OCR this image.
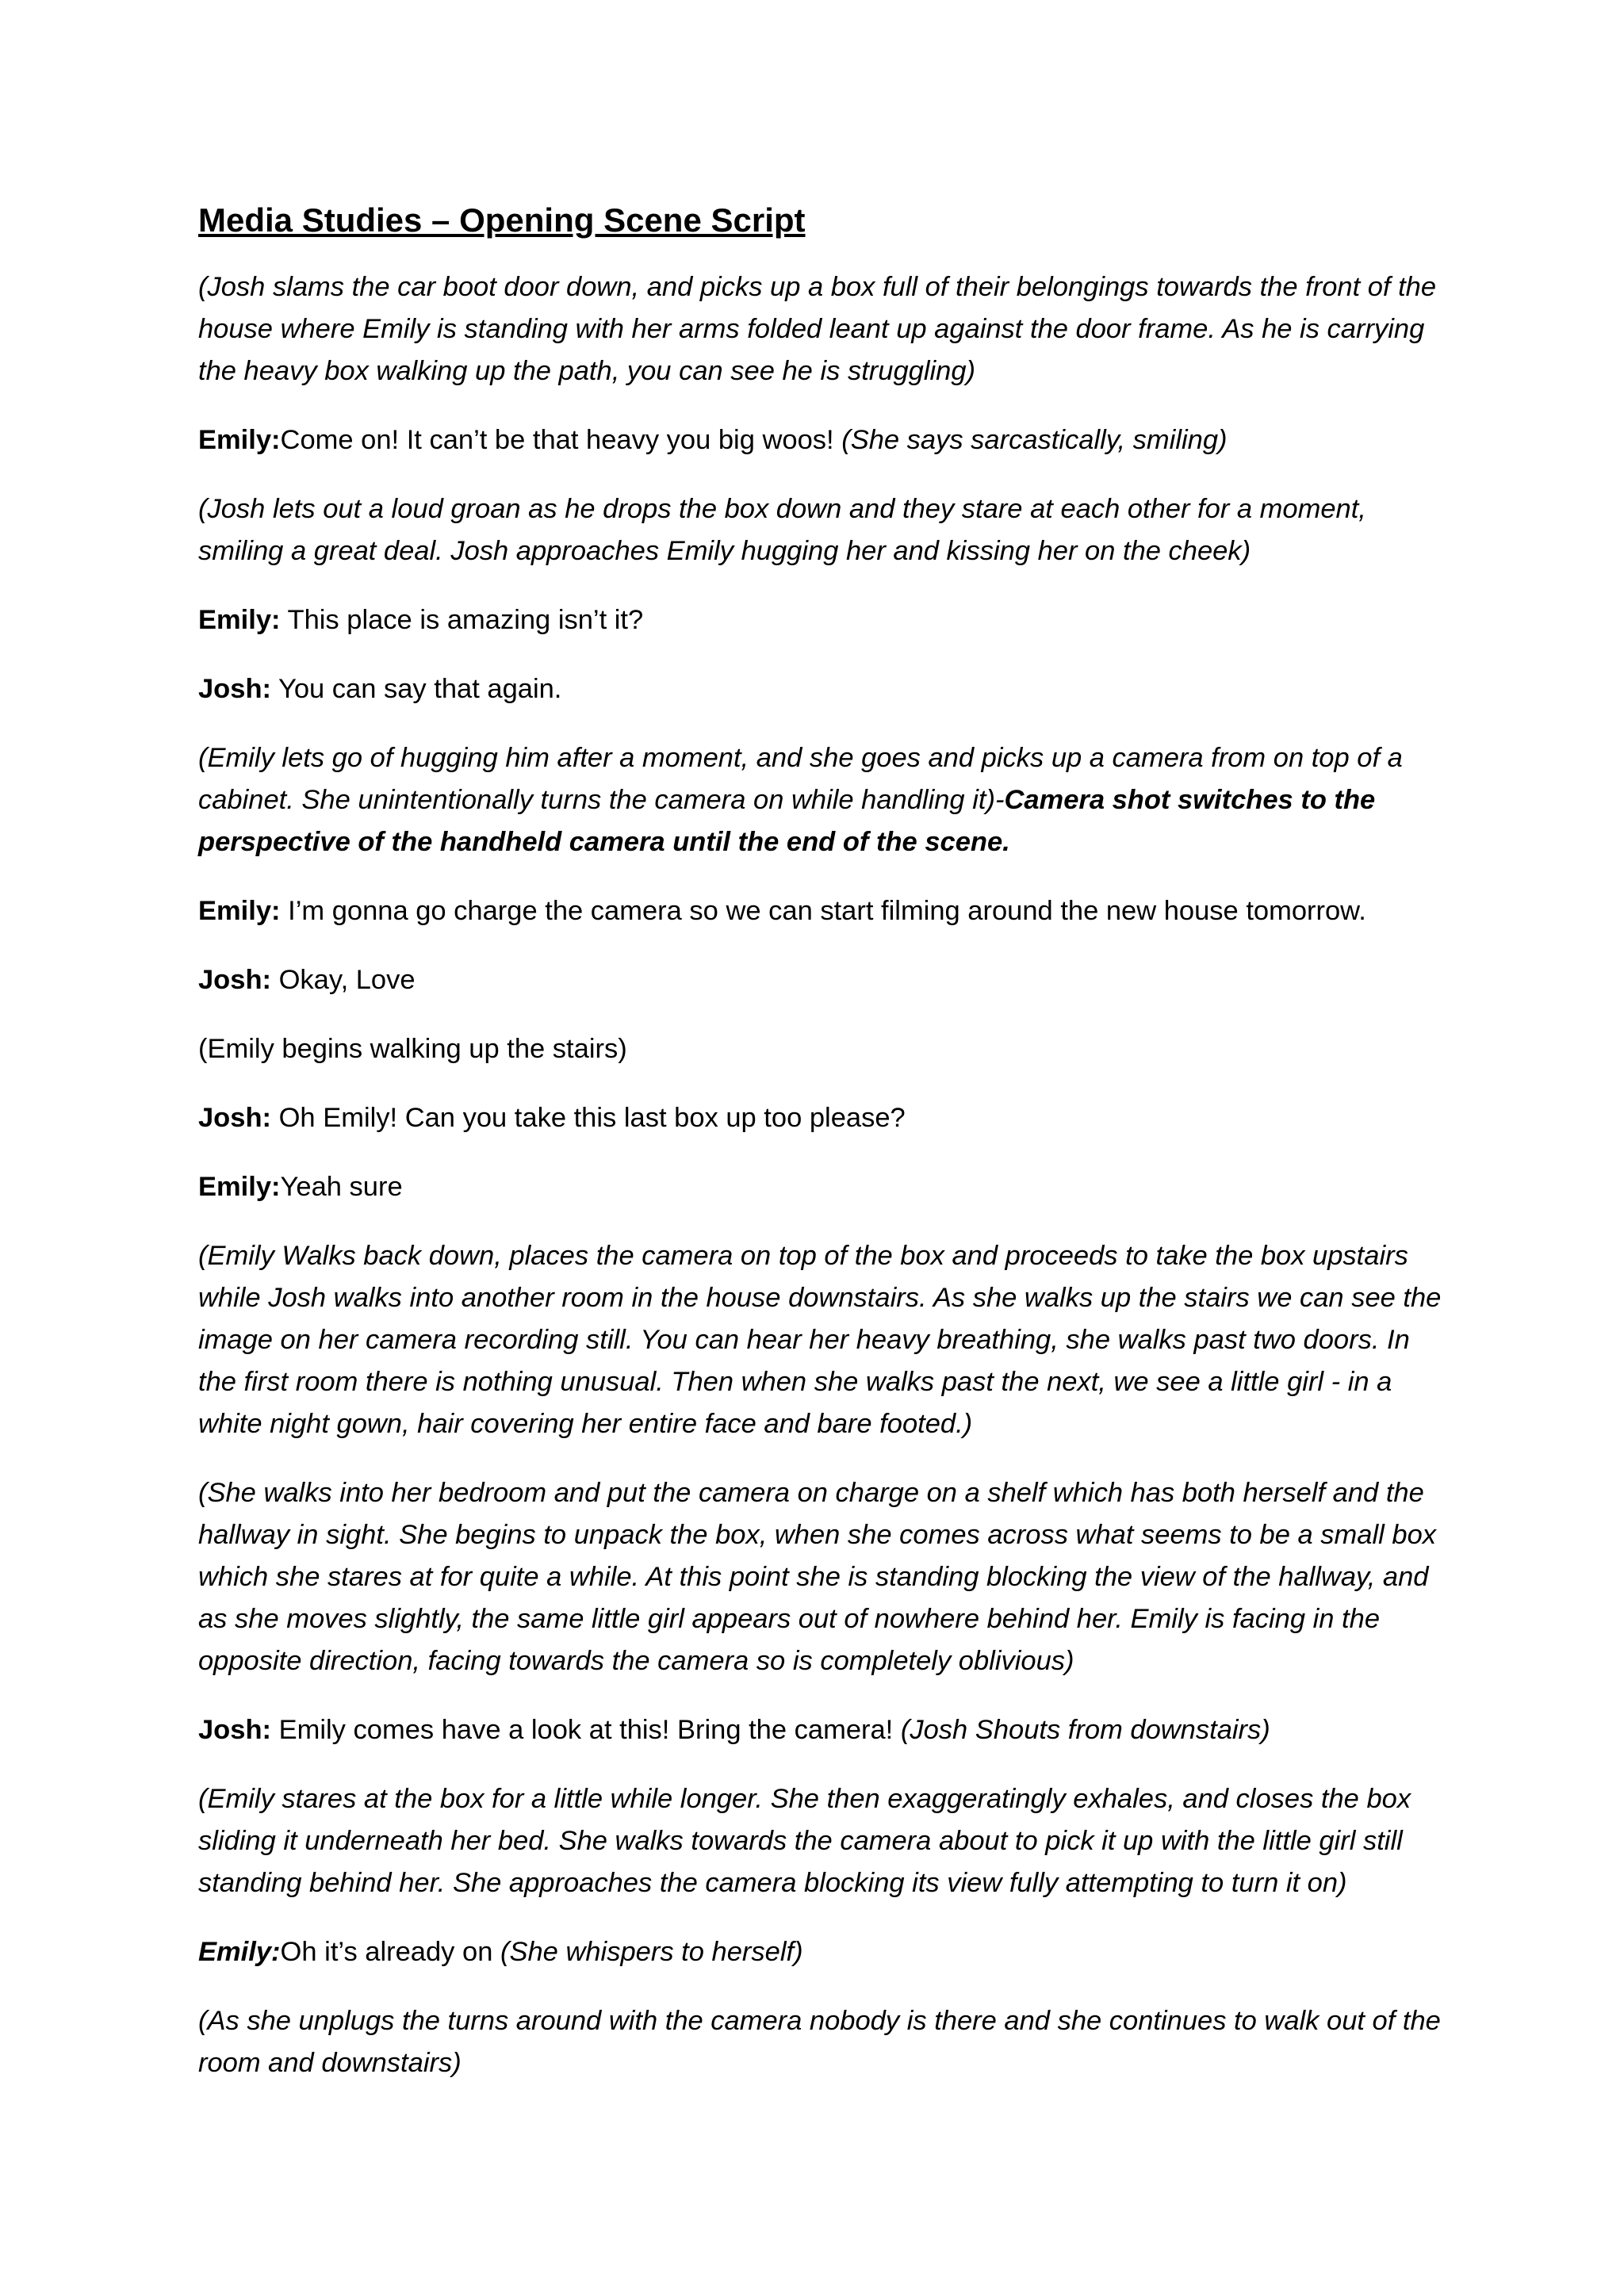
Media Studies – Opening Scene Script
(Josh slams the car boot door down, and picks up a box full of their belongings towards the front of the house where Emily is standing with her arms folded leant up against the door frame. As he is carrying the heavy box walking up the path, you can see he is struggling)
Emily:Come on! It can’t be that heavy you big woos! (She says sarcastically, smiling)
(Josh lets out a loud groan as he drops the box down and they stare at each other for a moment, smiling a great deal. Josh approaches Emily hugging her and kissing her on the cheek)
Emily: This place is amazing isn’t it?
Josh: You can say that again.
(Emily lets go of hugging him after a moment, and she goes and picks up a camera from on top of a cabinet. She unintentionally turns the camera on while handling it)-Camera shot switches to the perspective of the handheld camera until the end of the scene.
Emily: I’m gonna go charge the camera so we can start filming around the new house tomorrow.
Josh: Okay, Love
(Emily begins walking up the stairs)
Josh: Oh Emily! Can you take this last box up too please?
Emily:Yeah sure
(Emily Walks back down, places the camera on top of the box and proceeds to take the box upstairs while Josh walks into another room in the house downstairs. As she walks up the stairs we can see the image on her camera recording still. You can hear her heavy breathing, she walks past two doors. In the first room there is nothing unusual. Then when she walks past the next, we see a little girl - in a white night gown, hair covering her entire face and bare footed.)
(She walks into her bedroom and put the camera on charge on a shelf which has both herself and the hallway in sight. She begins to unpack the box, when she comes across what seems to be a small box which she stares at for quite a while. At this point she is standing blocking the view of the hallway, and as she moves slightly, the same little girl appears out of nowhere behind her. Emily is facing in the opposite direction, facing towards the camera so is completely oblivious)
Josh: Emily comes have a look at this! Bring the camera! (Josh Shouts from downstairs)
(Emily stares at the box for a little while longer. She then exaggeratingly exhales, and closes the box sliding it underneath her bed. She walks towards the camera about to pick it up with the little girl still standing behind her. She approaches the camera blocking its view fully attempting to turn it on)
Emily:Oh it’s already on (She whispers to herself)
(As she unplugs the turns around with the camera nobody is there and she continues to walk out of the room and downstairs)
